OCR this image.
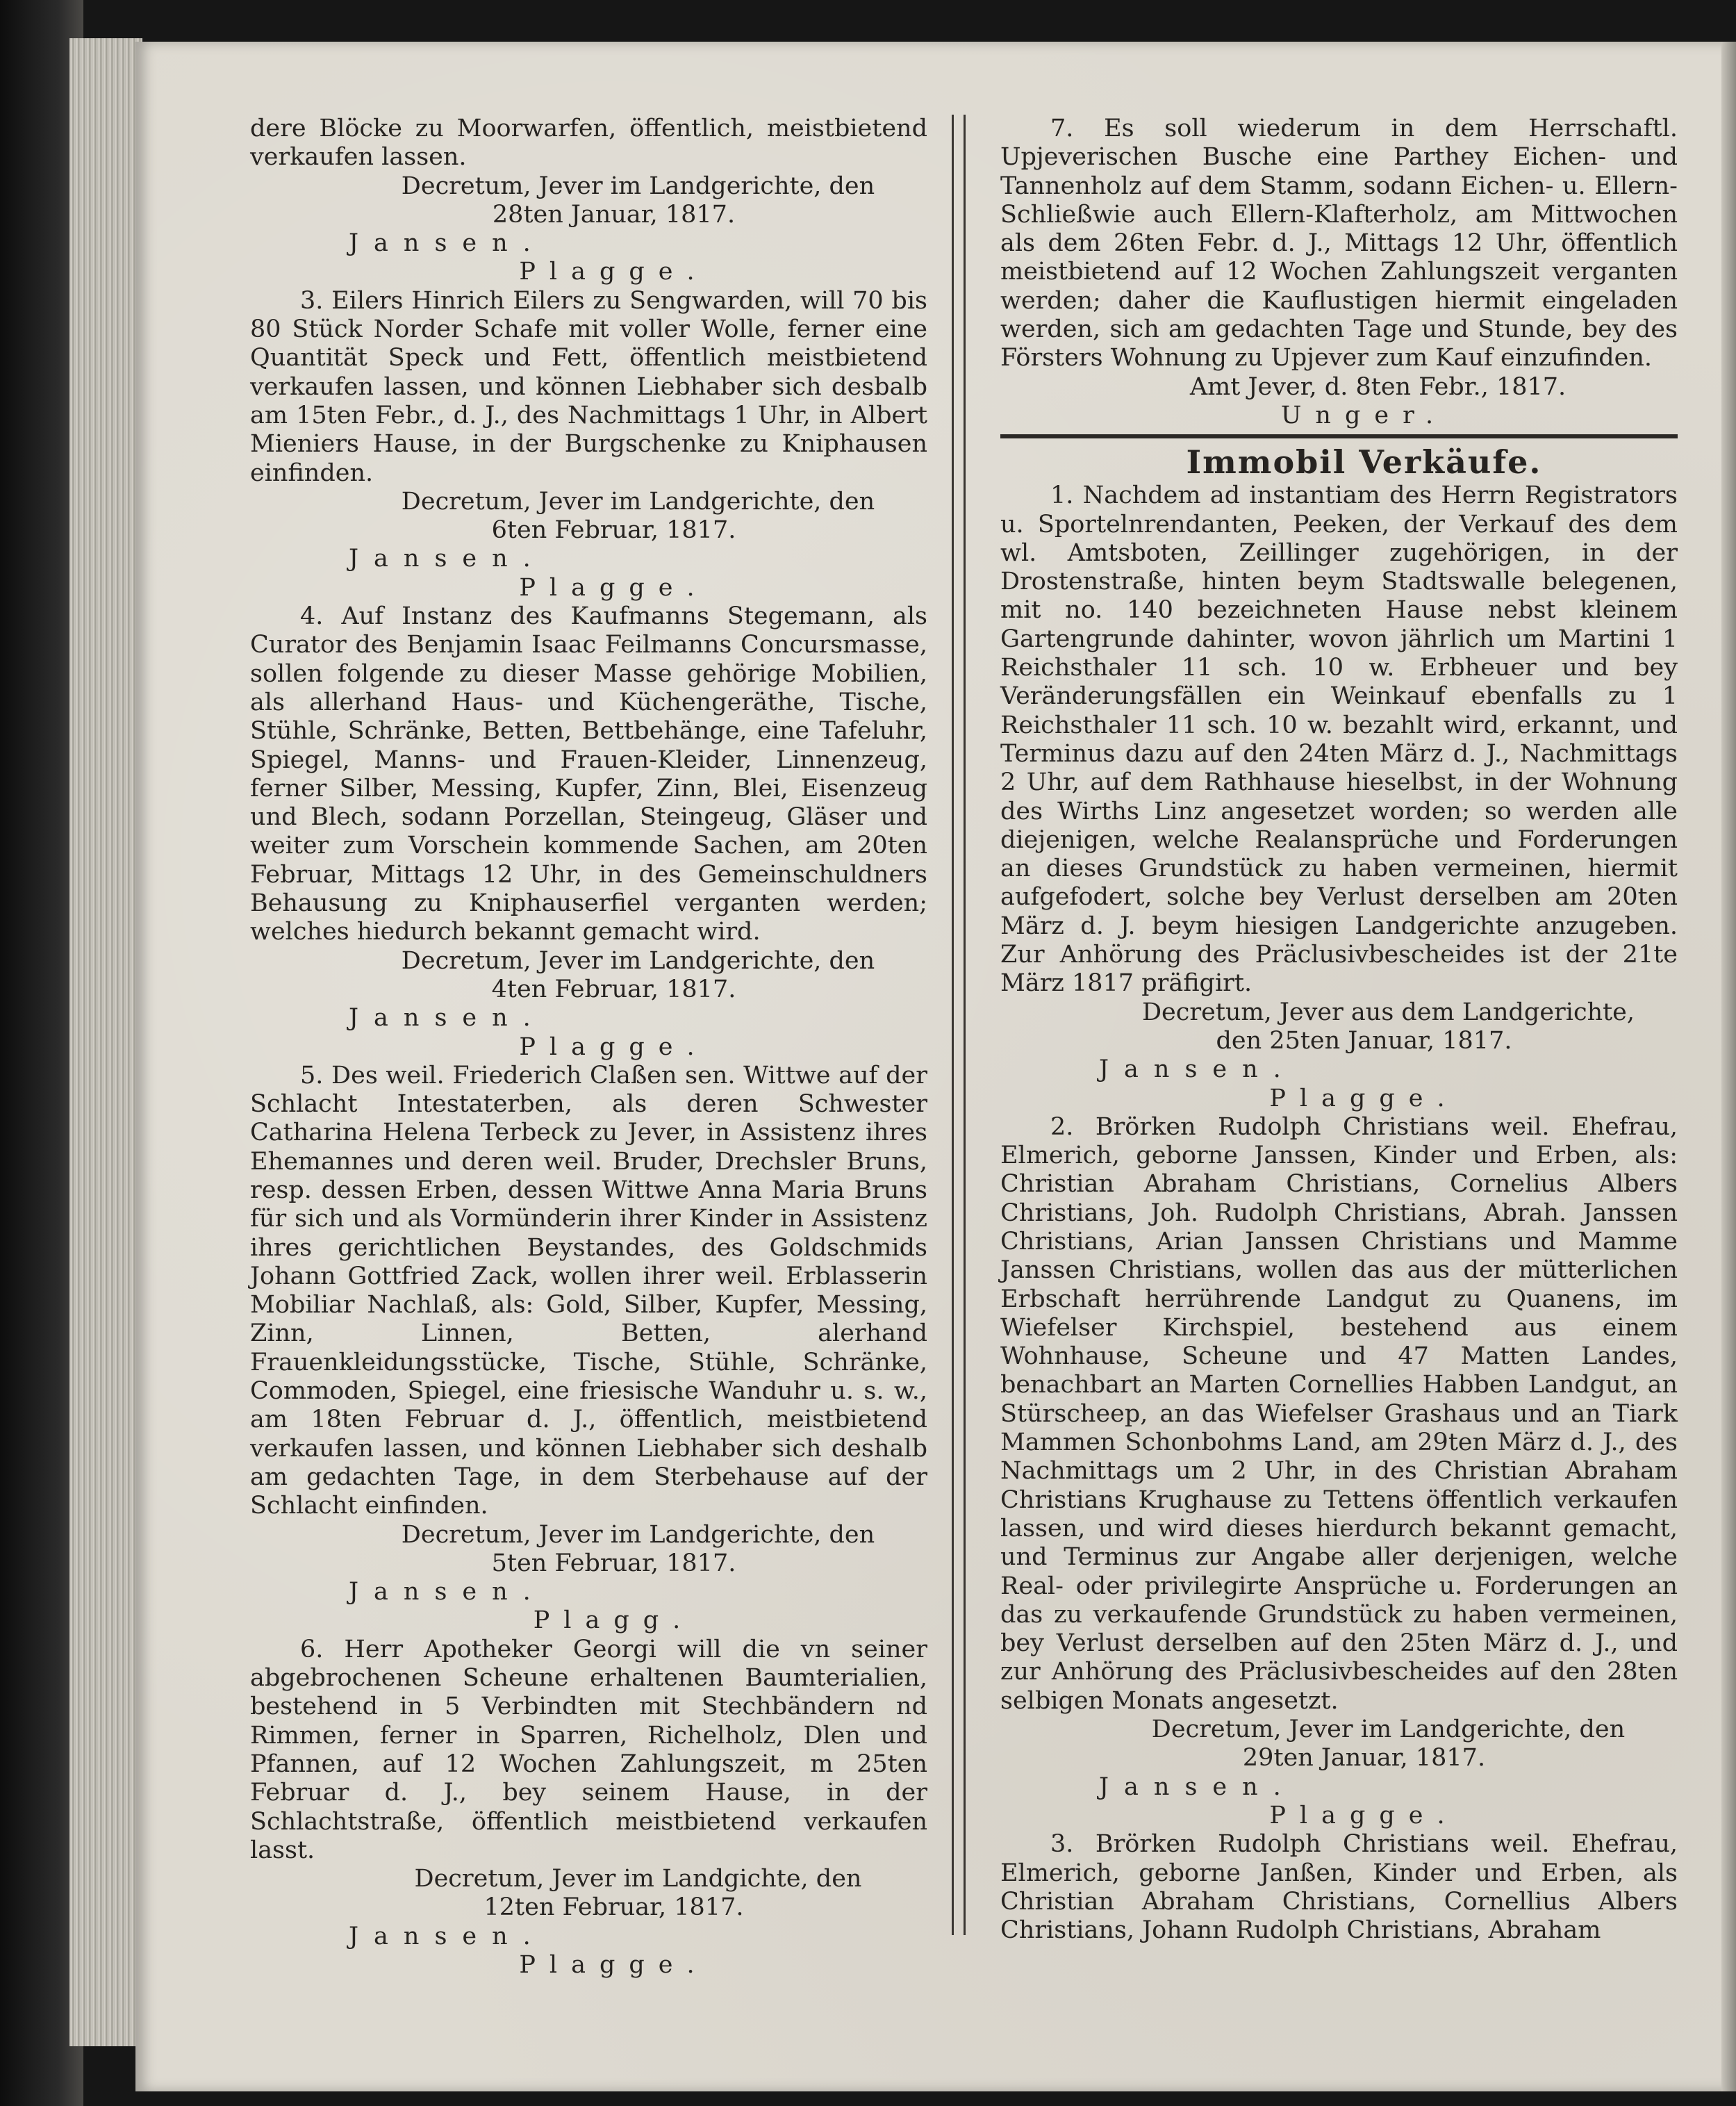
dere Blöcke zu Moorwarfen, öffentlich, meistbietend verkaufen lassen.

Decretum, Jever im Landgerichte, den

28ten Januar, 1817.

Jansen.

Plagge.

3. Eilers Hinrich Eilers zu Sengwarden, will 70 bis 80 Stück Norder Schafe mit voller Wolle, ferner eine Quantität Speck und Fett, öffentlich meistbietend verkaufen lassen, und können Liebhaber sich desbalb am 15ten Febr., d. J., des Nachmittags 1 Uhr, in Albert Mieniers Hause, in der Burgschenke zu Kniphausen einfinden.

Decretum, Jever im Landgerichte, den

6ten Februar, 1817.

Jansen.

Plagge.

4. Auf Instanz des Kaufmanns Stegemann, als Curator des Benjamin Isaac Feilmanns Concursmasse, sollen folgende zu dieser Masse gehörige Mobilien, als allerhand Haus- und Küchengeräthe, Tische, Stühle, Schränke, Betten, Bettbehänge, eine Tafeluhr, Spiegel, Manns- und Frauen-Kleider, Linnenzeug, ferner Silber, Messing, Kupfer, Zinn, Blei, Eisenzeug und Blech, sodann Porzellan, Steingeug, Gläser und weiter zum Vorschein kommende Sachen, am 20ten Februar, Mittags 12 Uhr, in des Gemeinschuldners Behausung zu Kniphauserfiel verganten werden; welches hiedurch bekannt gemacht wird.

Decretum, Jever im Landgerichte, den

4ten Februar, 1817.

Jansen.

Plagge.

5. Des weil. Friederich Claßen sen. Wittwe auf der Schlacht Intestaterben, als deren Schwester Catharina Helena Terbeck zu Jever, in Assistenz ihres Ehemannes und deren weil. Bruder, Drechsler Bruns, resp. dessen Erben, dessen Wittwe Anna Maria Bruns für sich und als Vormünderin ihrer Kinder in Assistenz ihres gerichtlichen Beystandes, des Goldschmids Johann Gottfried Zack, wollen ihrer weil. Erblasserin Mobiliar Nachlaß, als: Gold, Silber, Kupfer, Messing, Zinn, Linnen, Betten, alerhand Frauenkleidungsstücke, Tische, Stühle, Schränke, Commoden, Spiegel, eine friesische Wanduhr u. s. w., am 18ten Februar d. J., öffentlich, meistbietend verkaufen lassen, und können Liebhaber sich deshalb am gedachten Tage, in dem Sterbehause auf der Schlacht einfinden.

Decretum, Jever im Landgerichte, den

5ten Februar, 1817.

Jansen.

Plagg.

6. Herr Apotheker Georgi will die vn seiner abgebrochenen Scheune erhaltenen Baumterialien, bestehend in 5 Verbindten mit Stechbändern nd Rimmen, ferner in Sparren, Richelholz, Dlen und Pfannen, auf 12 Wochen Zahlungszeit, m 25ten Februar d. J., bey seinem Hause, in der Schlachtstraße, öffentlich meistbietend verkaufen lasst.

Decretum, Jever im Landgichte, den

12ten Februar, 1817.

Jansen.

Plagge.

7. Es soll wiederum in dem Herrschaftl. Upjeverischen Busche eine Parthey Eichen- und Tannenholz auf dem Stamm, sodann Eichen- u. Ellern- Schließwie auch Ellern-Klafterholz, am Mittwochen als dem 26ten Febr. d. J., Mittags 12 Uhr, öffentlich meistbietend auf 12 Wochen Zahlungszeit verganten werden; daher die Kauflustigen hiermit eingeladen werden, sich am gedachten Tage und Stunde, bey des Försters Wohnung zu Upjever zum Kauf einzufinden.

Amt Jever, d. 8ten Febr., 1817.

Unger.

Immobil Verkäufe.

1. Nachdem ad instantiam des Herrn Registrators u. Sportelnrendanten, Peeken, der Verkauf des dem wl. Amtsboten, Zeillinger zugehörigen, in der Drostenstraße, hinten beym Stadtswalle belegenen, mit no. 140 bezeichneten Hause nebst kleinem Gartengrunde dahinter, wovon jährlich um Martini 1 Reichsthaler 11 sch. 10 w. Erbheuer und bey Veränderungsfällen ein Weinkauf ebenfalls zu 1 Reichsthaler 11 sch. 10 w. bezahlt wird, erkannt, und Terminus dazu auf den 24ten März d. J., Nachmittags 2 Uhr, auf dem Rathhause hieselbst, in der Wohnung des Wirths Linz angesetzet worden; so werden alle diejenigen, welche Realansprüche und Forderungen an dieses Grundstück zu haben vermeinen, hiermit aufgefodert, solche bey Verlust derselben am 20ten März d. J. beym hiesigen Landgerichte anzugeben. Zur Anhörung des Präclusivbescheides ist der 21te März 1817 präfigirt.

Decretum, Jever aus dem Landgerichte,

den 25ten Januar, 1817.

Jansen.

Plagge.

2. Brörken Rudolph Christians weil. Ehefrau, Elmerich, geborne Janssen, Kinder und Erben, als: Christian Abraham Christians, Cornelius Albers Christians, Joh. Rudolph Christians, Abrah. Janssen Christians, Arian Janssen Christians und Mamme Janssen Christians, wollen das aus der mütterlichen Erbschaft herrührende Landgut zu Quanens, im Wiefelser Kirchspiel, bestehend aus einem Wohnhause, Scheune und 47 Matten Landes, benachbart an Marten Cornellies Habben Landgut, an Stürscheep, an das Wiefelser Grashaus und an Tiark Mammen Schonbohms Land, am 29ten März d. J., des Nachmittags um 2 Uhr, in des Christian Abraham Christians Krughause zu Tettens öffentlich verkaufen lassen, und wird dieses hierdurch bekannt gemacht, und Terminus zur Angabe aller derjenigen, welche Real- oder privilegirte Ansprüche u. Forderungen an das zu verkaufende Grundstück zu haben vermeinen, bey Verlust derselben auf den 25ten März d. J., und zur Anhörung des Präclusivbescheides auf den 28ten selbigen Monats angesetzt.

Decretum, Jever im Landgerichte, den

29ten Januar, 1817.

Jansen.

Plagge.

3. Brörken Rudolph Christians weil. Ehefrau, Elmerich, geborne Janßen, Kinder und Erben, als Christian Abraham Christians, Cornellius Albers Christians, Johann Rudolph Christians, Abraham
